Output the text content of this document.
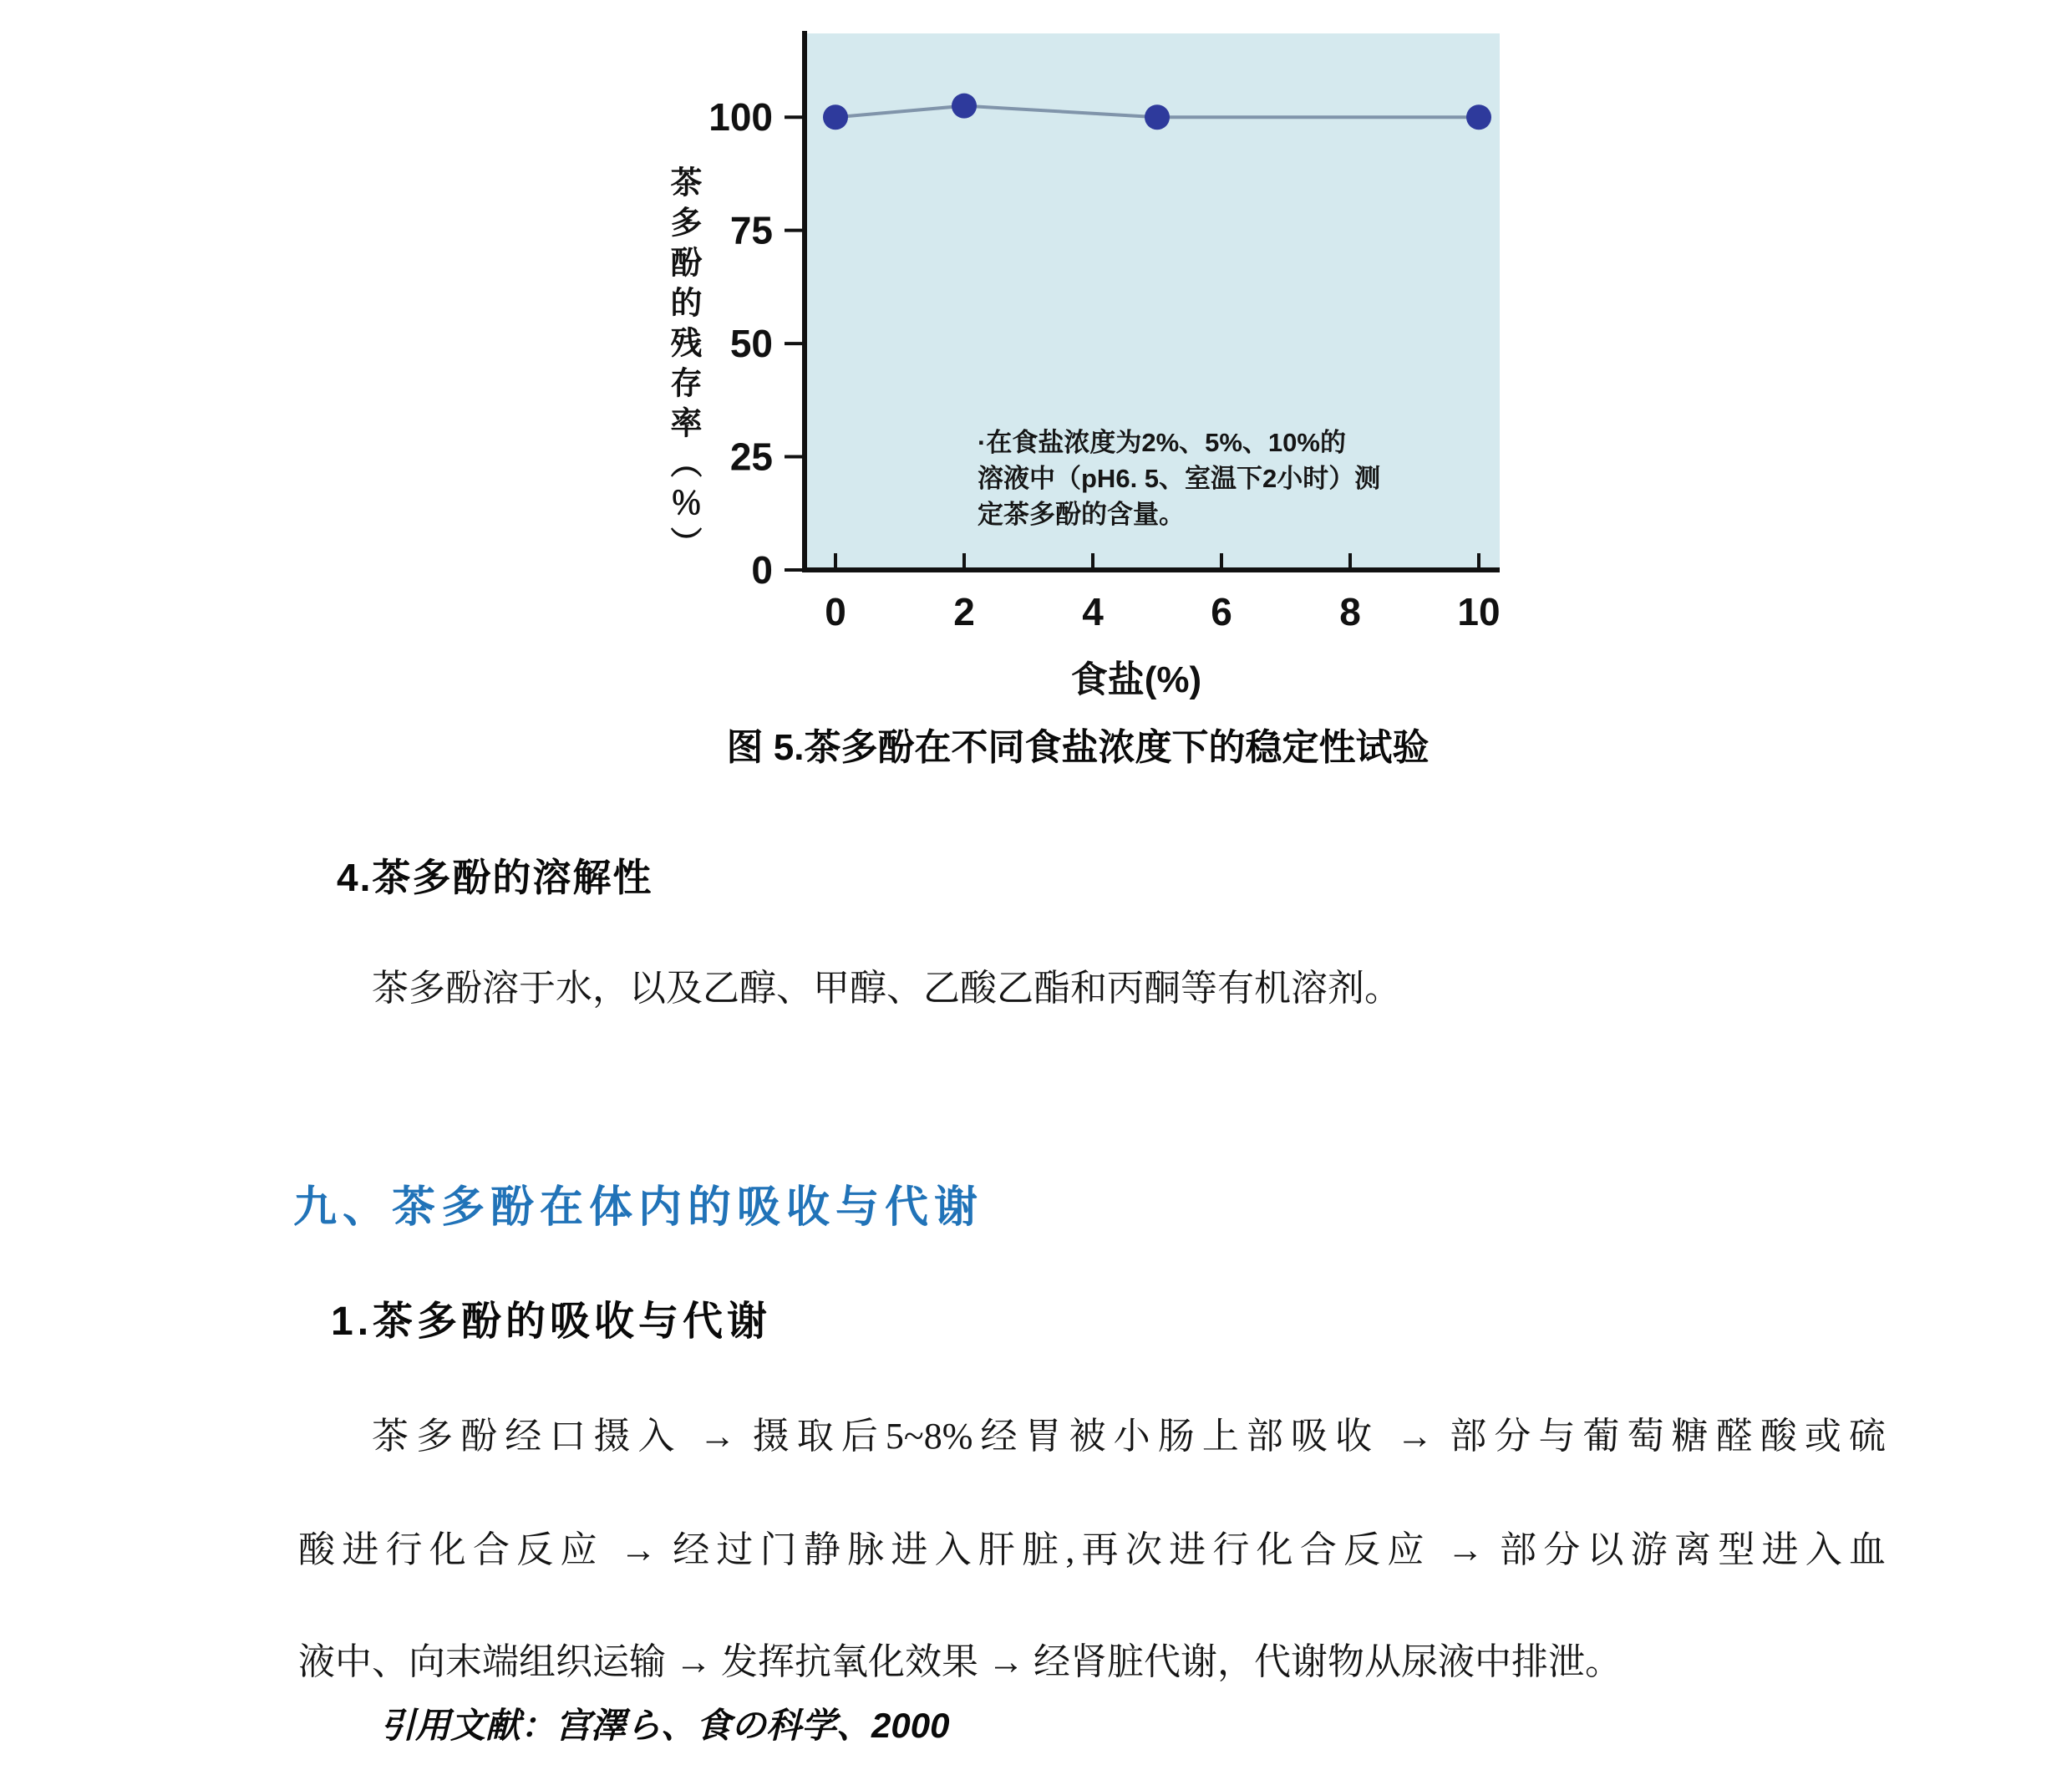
0
25
50
75
100
0	2	4	6	8	10
食盐(%)
茶多酚的残存率（％）	·在食盐浓度为2%、5%、10%的
溶液中（pH6. 5、室温下2小时）测
定茶多酚的含量。
图 5.茶多酚在不同食盐浓度下的稳定性试验
4.茶多酚的溶解性
茶多酚溶于水，以及乙醇、甲醇、乙酸乙酯和丙酮等有机溶剂。
九、茶多酚在体内的吸收与代谢
1.茶多酚的吸收与代谢
茶多酚经口摄入 → 摄取后5~8%经胃被小肠上部吸收 → 部分与葡萄糖醛酸或硫
酸进行化合反应 → 经过门静脉进入肝脏,再次进行化合反应 → 部分以游离型进入血
液中、向末端组织运输 → 发挥抗氧化效果 → 经肾脏代谢，代谢物从尿液中排泄。
引用文献：宫澤ら、食の科学、2000
